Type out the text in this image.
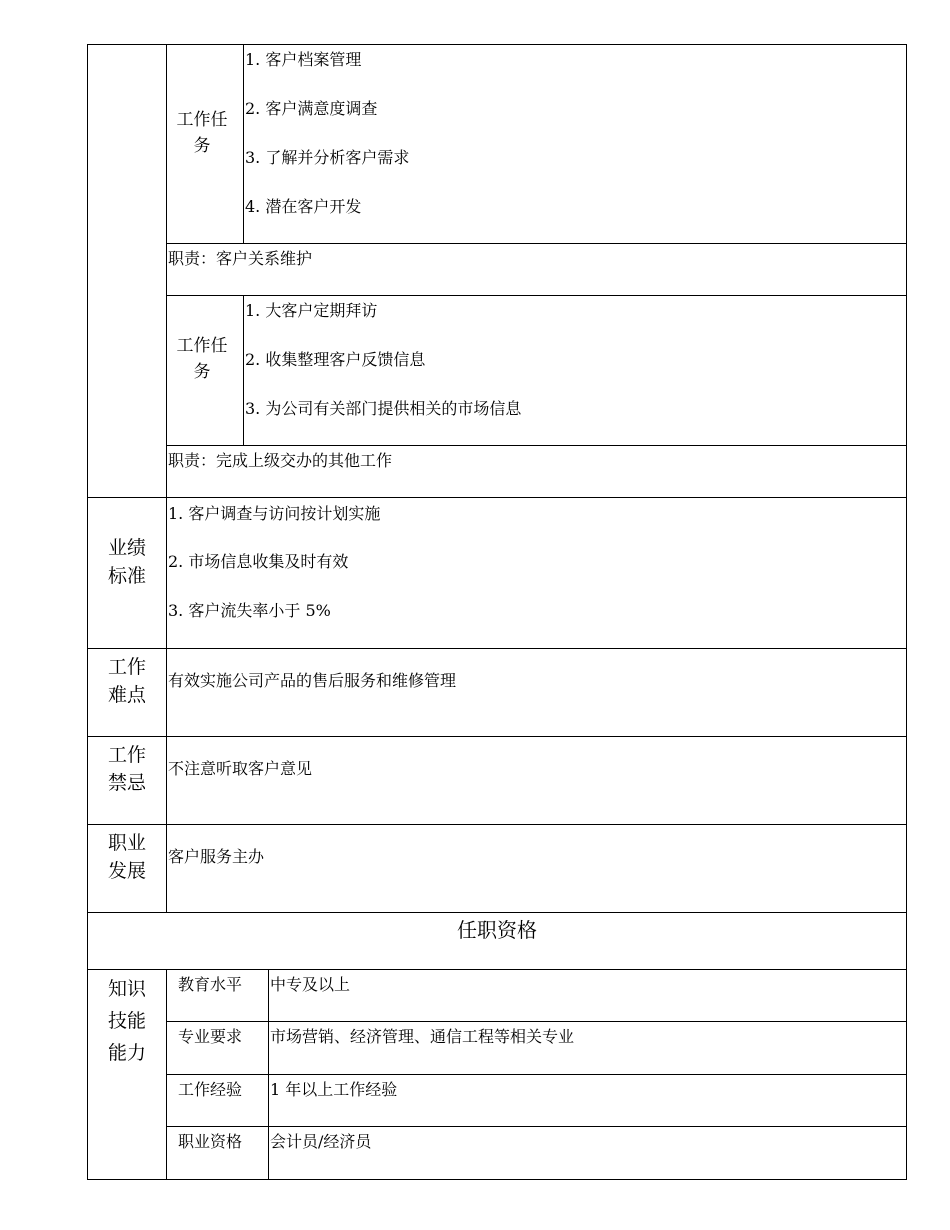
工作任务
1. 客户档案管理
2. 客户满意度调查
3. 了解并分析客户需求
4. 潜在客户开发
职责：客户关系维护
工作任务
1. 大客户定期拜访
2. 收集整理客户反馈信息
3. 为公司有关部门提供相关的市场信息
职责：完成上级交办的其他工作
业绩标准
1. 客户调查与访问按计划实施
2. 市场信息收集及时有效
3. 客户流失率小于 5%
工作难点
有效实施公司产品的售后服务和维修管理
工作禁忌
不注意听取客户意见
职业发展
客户服务主办
任职资格
知识技能能力
教育水平 中专及以上
专业要求 市场营销、经济管理、通信工程等相关专业
工作经验 1 年以上工作经验
职业资格 会计员/经济员
